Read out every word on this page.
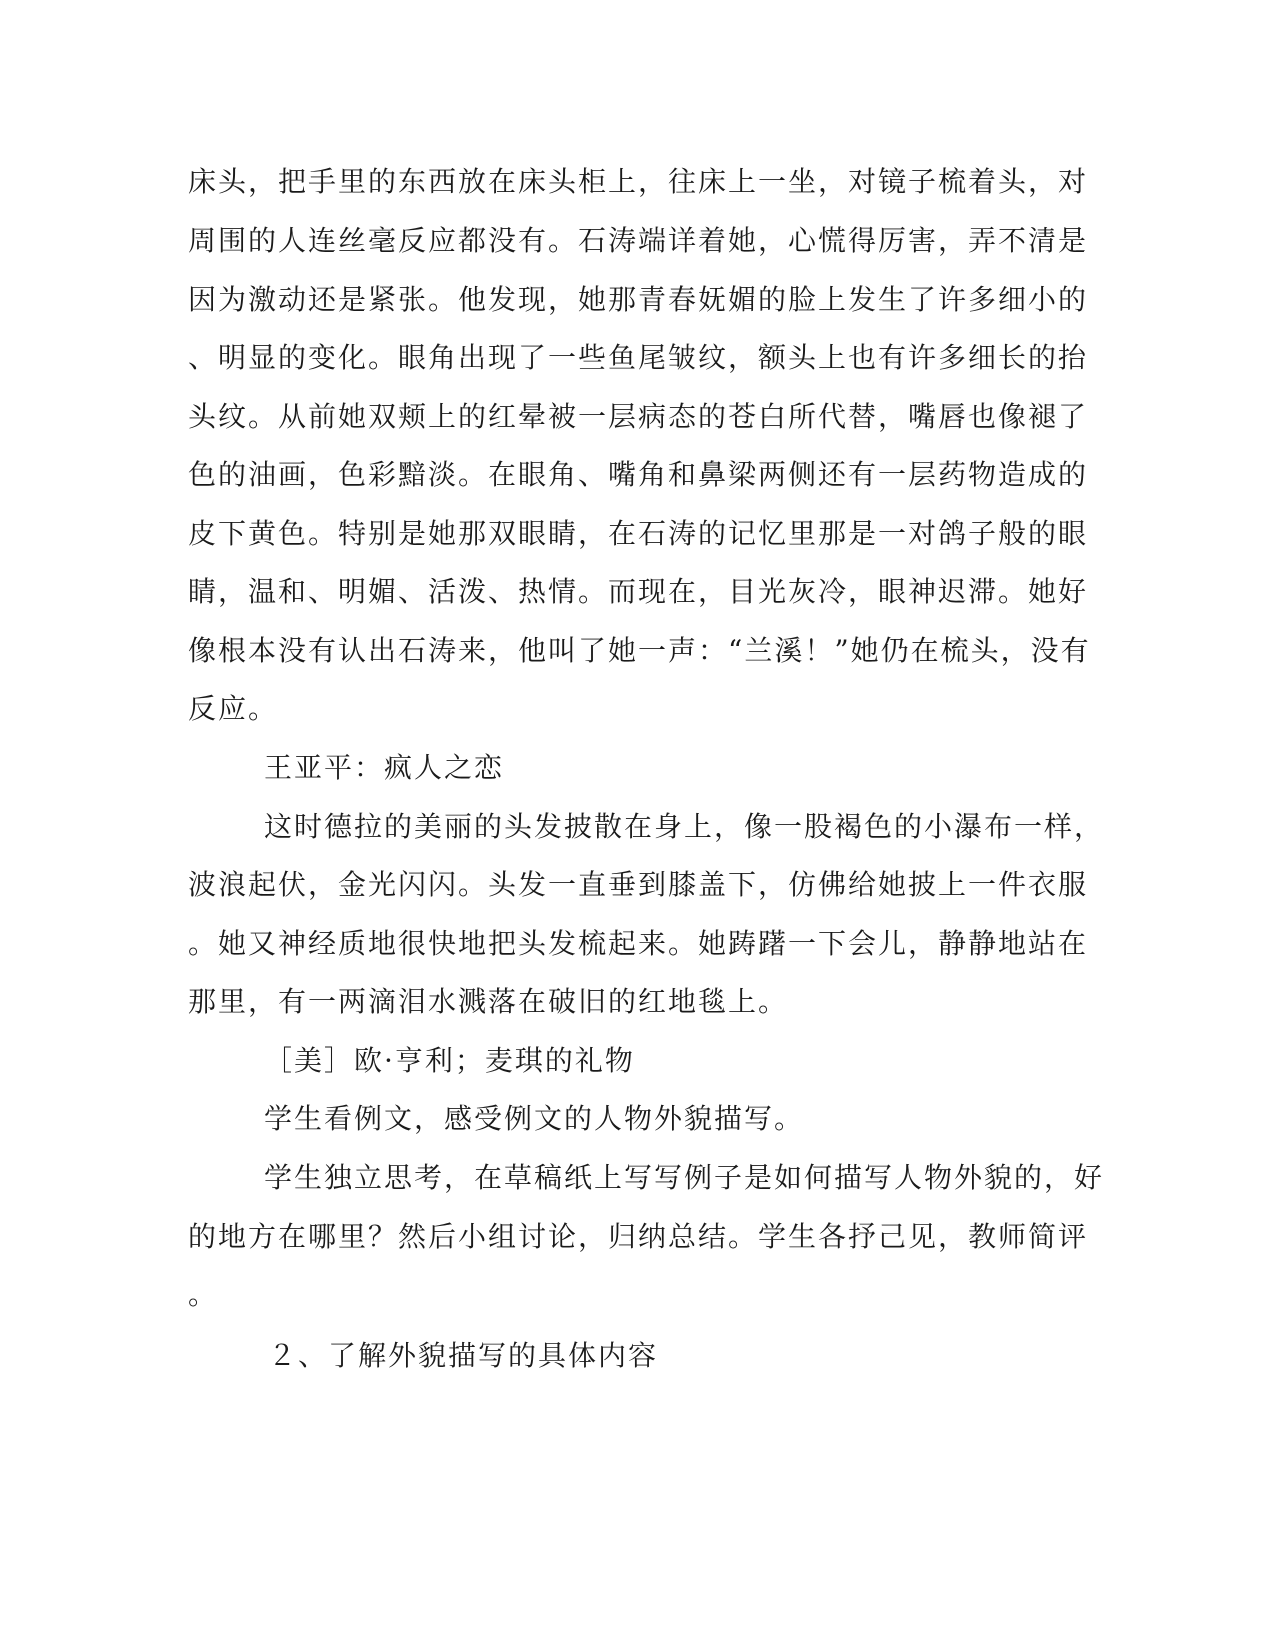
床头，把手里的东西放在床头柜上，往床上一坐，对镜子梳着头，对
周围的人连丝毫反应都没有。石涛端详着她，心慌得厉害，弄不清是
因为激动还是紧张。他发现，她那青春妩媚的脸上发生了许多细小的
、明显的变化。眼角出现了一些鱼尾皱纹，额头上也有许多细长的抬
头纹。从前她双颊上的红晕被一层病态的苍白所代替，嘴唇也像褪了
色的油画，色彩黯淡。在眼角、嘴角和鼻梁两侧还有一层药物造成的
皮下黄色。特别是她那双眼睛，在石涛的记忆里那是一对鸽子般的眼
睛，温和、明媚、活泼、热情。而现在，目光灰冷，眼神迟滞。她好
像根本没有认出石涛来，他叫了她一声：“兰溪！”她仍在梳头，没有
反应。
王亚平：疯人之恋
这时德拉的美丽的头发披散在身上，像一股褐色的小瀑布一样，
波浪起伏，金光闪闪。头发一直垂到膝盖下，仿佛给她披上一件衣服
。她又神经质地很快地把头发梳起来。她踌躇一下会儿，静静地站在
那里，有一两滴泪水溅落在破旧的红地毯上。
［美］欧·亨利；麦琪的礼物
学生看例文，感受例文的人物外貌描写。
学生独立思考，在草稿纸上写写例子是如何描写人物外貌的，好
的地方在哪里？然后小组讨论，归纳总结。学生各抒己见，教师简评
。
２、了解外貌描写的具体内容
